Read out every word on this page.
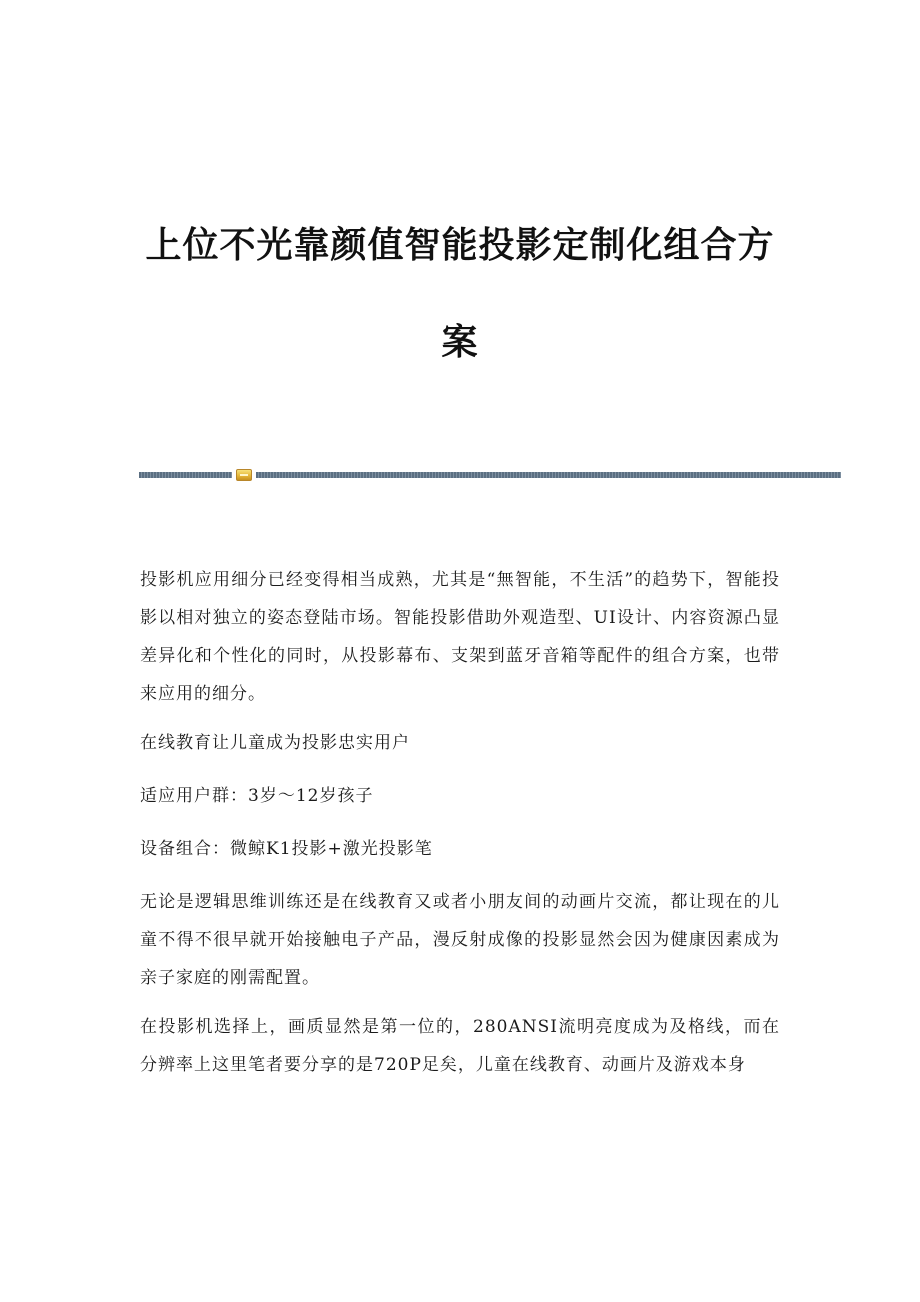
上位不光靠颜值智能投影定制化组合方
案

投影机应用细分已经变得相当成熟，尤其是“無智能，不生活”的趋势下，智能投影以相对独立的姿态登陆市场。智能投影借助外观造型、UI设计、内容资源凸显差异化和个性化的同时，从投影幕布、支架到蓝牙音箱等配件的组合方案，也带来应用的细分。

在线教育让儿童成为投影忠实用户

适应用户群：3岁～12岁孩子

设备组合：微鲸K1投影+激光投影笔

无论是逻辑思维训练还是在线教育又或者小朋友间的动画片交流，都让现在的儿童不得不很早就开始接触电子产品，漫反射成像的投影显然会因为健康因素成为亲子家庭的刚需配置。

在投影机选择上，画质显然是第一位的，280ANSI流明亮度成为及格线，而在分辨率上这里笔者要分享的是720P足矣，儿童在线教育、动画片及游戏本身
